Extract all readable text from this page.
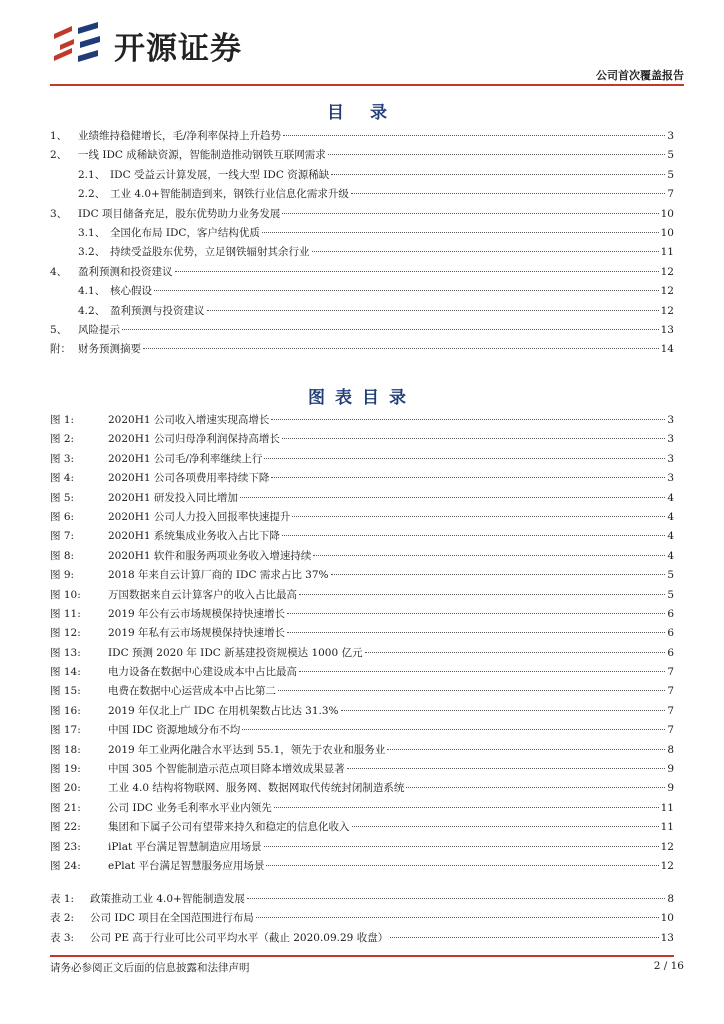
开源证券
公司首次覆盖报告
目 录
1、	业绩维持稳健增长，毛/净利率保持上升趋势	3
2、	一线 IDC 成稀缺资源，智能制造推动钢铁互联网需求	5
2.1、 IDC 受益云计算发展，一线大型 IDC 资源稀缺	5
2.2、 工业 4.0+智能制造到来，钢铁行业信息化需求升级	7
3、	IDC 项目储备充足，股东优势助力业务发展	10
3.1、 全国化布局 IDC，客户结构优质	10
3.2、 持续受益股东优势，立足钢铁辐射其余行业	11
4、	盈利预测和投资建议	12
4.1、 核心假设	12
4.2、 盈利预测与投资建议	12
5、	风险提示	13
附： 财务预测摘要	14
图表目录
图 1:	2020H1 公司收入增速实现高增长	3
图 2:	2020H1 公司归母净利润保持高增长	3
图 3:	2020H1 公司毛/净利率继续上行	3
图 4:	2020H1 公司各项费用率持续下降	3
图 5:	2020H1 研发投入同比增加	4
图 6:	2020H1 公司人力投入回报率快速提升	4
图 7:	2020H1 系统集成业务收入占比下降	4
图 8:	2020H1 软件和服务两项业务收入增速持续	4
图 9:	2018 年来自云计算厂商的 IDC 需求占比 37%	5
图 10:	万国数据来自云计算客户的收入占比最高	5
图 11:	2019 年公有云市场规模保持快速增长	6
图 12:	2019 年私有云市场规模保持快速增长	6
图 13:	IDC 预测 2020 年 IDC 新基建投资规模达 1000 亿元	6
图 14:	电力设备在数据中心建设成本中占比最高	7
图 15:	电费在数据中心运营成本中占比第二	7
图 16:	2019 年仅北上广 IDC 在用机架数占比达 31.3%	7
图 17:	中国 IDC 资源地域分布不均	7
图 18:	2019 年工业两化融合水平达到 55.1，领先于农业和服务业	8
图 19:	中国 305 个智能制造示范点项目降本增效成果显著	9
图 20:	工业 4.0 结构将物联网、服务网、数据网取代传统封闭制造系统	9
图 21:	公司 IDC 业务毛利率水平业内领先	11
图 22:	集团和下属子公司有望带来持久和稳定的信息化收入	11
图 23:	iPlat 平台满足智慧制造应用场景	12
图 24:	ePlat 平台满足智慧服务应用场景	12
表 1:	政策推动工业 4.0+智能制造发展	8
表 2:	公司 IDC 项目在全国范围进行布局	10
表 3:	公司 PE 高于行业可比公司平均水平（截止 2020.09.29 收盘）	13
请务必参阅正文后面的信息披露和法律声明	2 / 16
